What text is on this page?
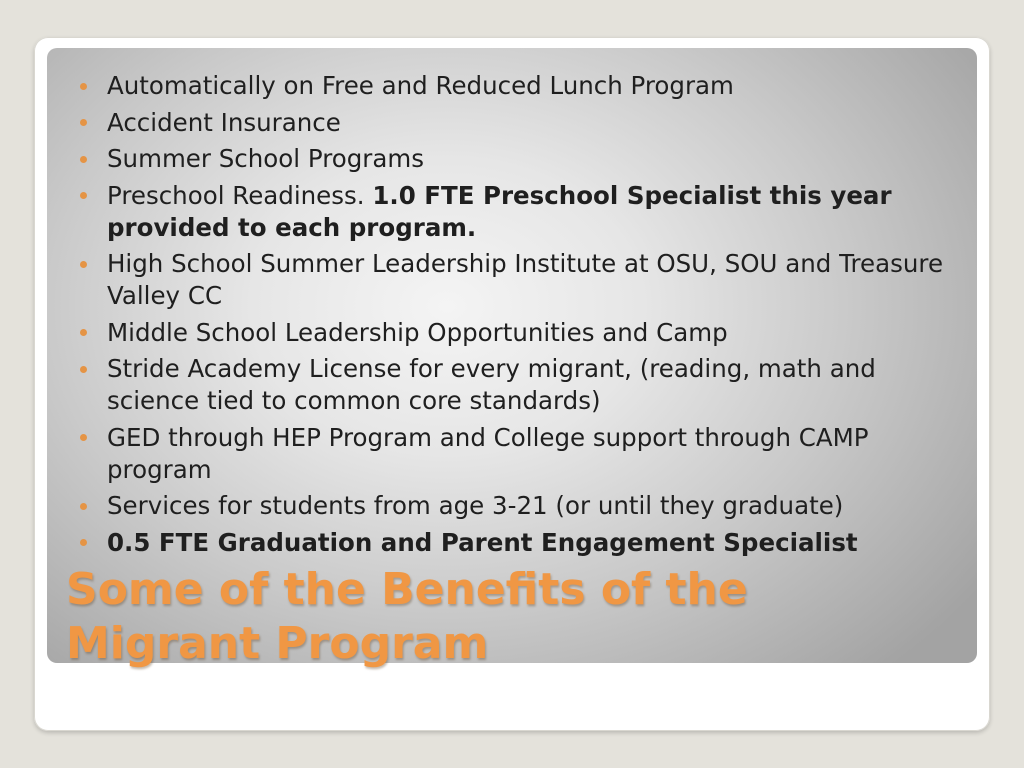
Automatically on Free and Reduced Lunch Program
Accident Insurance
Summer School Programs
Preschool Readiness. 1.0 FTE Preschool Specialist this year provided to each program.
High School Summer Leadership Institute at OSU, SOU and Treasure Valley CC
Middle School Leadership Opportunities and Camp
Stride Academy License for every migrant, (reading, math and science tied to common core standards)
GED through HEP Program and College support through CAMP program
Services for students from age 3-21 (or until they graduate)
0.5 FTE Graduation and Parent Engagement Specialist
Some of the Benefits of the
Migrant Program
